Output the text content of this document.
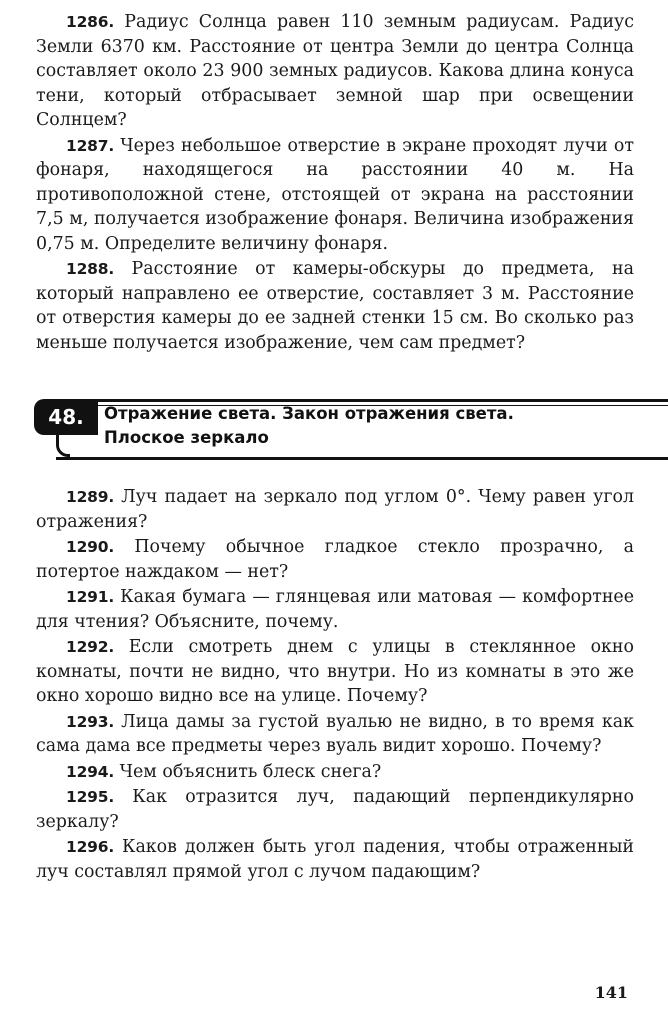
1286. Радиус Солнца равен 110 земным радиусам. Радиус Земли 6370 км. Расстояние от центра Земли до центра Солнца составляет около 23 900 земных радиусов. Какова длина конуса тени, который отбрасывает земной шар при освещении Солнцем?

1287. Через небольшое отверстие в экране проходят лучи от фонаря, находящегося на расстоянии 40 м. На противоположной стене, отстоящей от экрана на расстоянии 7,5 м, получается изображение фонаря. Величина изображения 0,75 м. Определите величину фонаря.

1288. Расстояние от камеры-обскуры до предмета, на который направлено ее отверстие, составляет 3 м. Расстояние от отверстия камеры до ее задней стенки 15 см. Во сколько раз меньше получается изображение, чем сам предмет?

48.	Отражение света. Закон отражения света.
Плоское зеркало

1289. Луч падает на зеркало под углом 0°. Чему равен угол отражения?

1290. Почему обычное гладкое стекло прозрачно, а потертое наждаком — нет?

1291. Какая бумага — глянцевая или матовая — комфортнее для чтения? Объясните, почему.

1292. Если смотреть днем с улицы в стеклянное окно комнаты, почти не видно, что внутри. Но из комнаты в это же окно хорошо видно все на улице. Почему?

1293. Лица дамы за густой вуалью не видно, в то время как сама дама все предметы через вуаль видит хорошо. Почему?

1294. Чем объяснить блеск снега?

1295. Как отразится луч, падающий перпендикулярно зеркалу?

1296. Каков должен быть угол падения, чтобы отраженный луч составлял прямой угол с лучом падающим?

141
